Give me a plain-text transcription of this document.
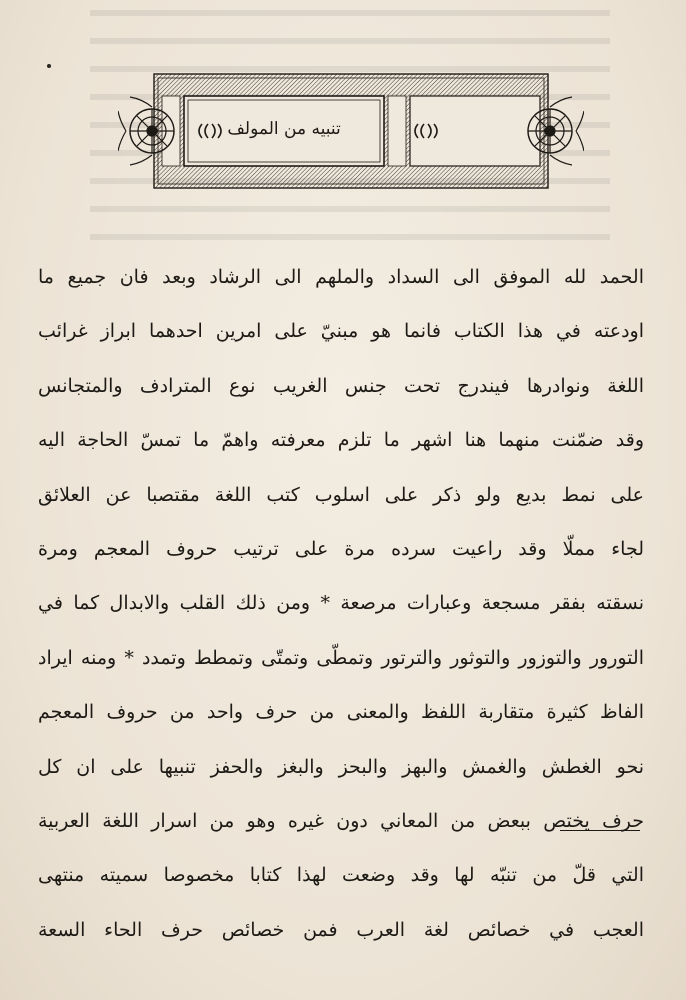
تنبيه من المولف
الحمد لله الموفق الى السداد والملهم الى الرشاد وبعد فان جميع ما
اودعته في هذا الكتاب فانما هو مبنيّ على امرين احدهما ابراز غرائب
اللغة ونوادرها فيندرج تحت جنس الغريب نوع المترادف والمتجانس
وقد ضمّنت منهما هنا اشهر ما تلزم معرفته واهمّ ما تمسّ الحاجة اليه
على نمط بديع ولو ذكر على اسلوب كتب اللغة مقتصبا عن العلائق
لجاء مملّا وقد راعيت سرده مرة على ترتيب حروف المعجم ومرة
نسقته بفقر مسجعة وعبارات مرصعة * ومن ذلك القلب والابدال كما في
التورور والتوزور والتوثور والترتور وتمطّى وتمتّى وتمطط وتمدد * ومنه ايراد
الفاظ كثيرة متقاربة اللفظ والمعنى من حرف واحد من حروف المعجم
نحو الغطش والغمش والبهز والبحز والبغز والحفز تنبيها على ان كل
حرف يختص ببعض من المعاني دون غيره وهو من اسرار اللغة العربية
التي قلّ من تنبّه لها وقد وضعت لهذا كتابا مخصوصا سميته منتهى
العجب في خصائص لغة العرب فمن خصائص حرف الحاء السعة
